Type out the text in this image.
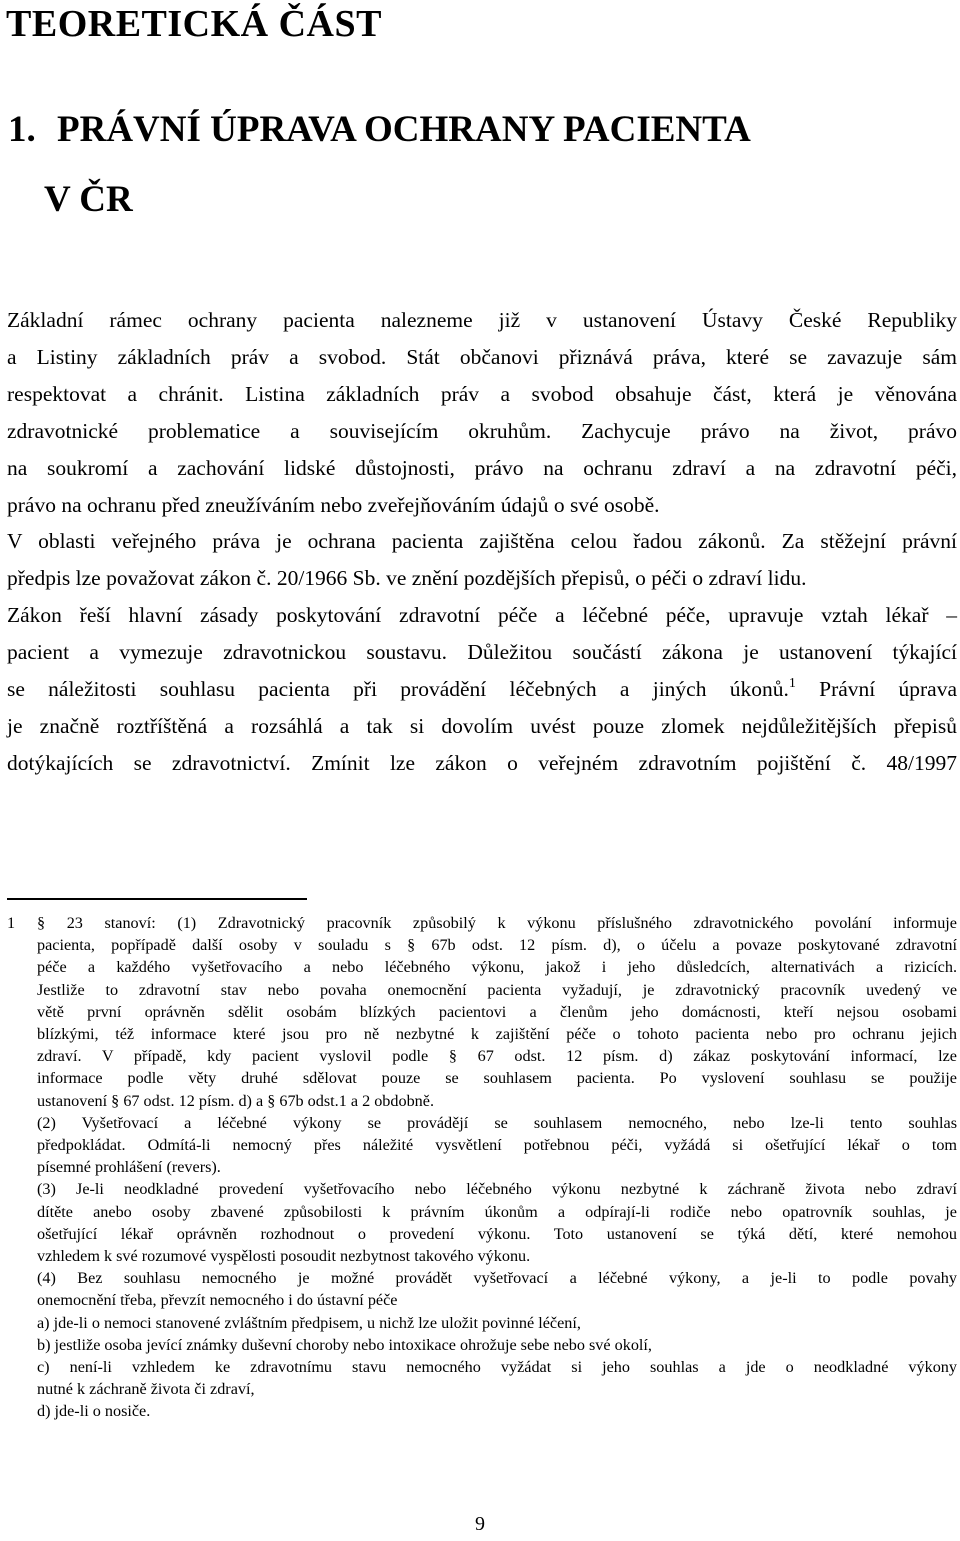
TEORETICKÁ ČÁST
1. PRÁVNÍ ÚPRAVA OCHRANY PACIENTA
V ČR
Základní rámec ochrany pacienta nalezneme již v ustanovení Ústavy České Republiky
a Listiny základních práv a svobod. Stát občanovi přiznává práva, které se zavazuje sám
respektovat a chránit. Listina základních práv a svobod obsahuje část, která je věnována
zdravotnické problematice a souvisejícím okruhům. Zachycuje právo na život, právo
na soukromí a zachování lidské důstojnosti, právo na ochranu zdraví a na zdravotní péči,
právo na ochranu před zneužíváním nebo zveřejňováním údajů o své osobě.
V oblasti veřejného práva je ochrana pacienta zajištěna celou řadou zákonů. Za stěžejní právní
předpis lze považovat zákon č. 20/1966 Sb. ve znění pozdějších přepisů, o péči o zdraví lidu.
Zákon řeší hlavní zásady poskytování zdravotní péče a léčebné péče, upravuje vztah lékař –
pacient a vymezuje zdravotnickou soustavu. Důležitou součástí zákona je ustanovení týkající
se náležitosti souhlasu pacienta při provádění léčebných a jiných úkonů.$^1$ Právní úprava
je značně roztříštěná a rozsáhlá a tak si dovolím uvést pouze zlomek nejdůležitějších přepisů
dotýkajících se zdravotnictví. Zmínit lze zákon o veřejném zdravotním pojištění č. 48/1997
1 § 23 stanoví: (1) Zdravotnický pracovník způsobilý k výkonu příslušného zdravotnického povolání informuje
pacienta, popřípadě další osoby v souladu s § 67b odst. 12 písm. d), o účelu a povaze poskytované zdravotní
péče a každého vyšetřovacího a nebo léčebného výkonu, jakož i jeho důsledcích, alternativách a rizicích.
Jestliže to zdravotní stav nebo povaha onemocnění pacienta vyžadují, je zdravotnický pracovník uvedený ve
větě první oprávněn sdělit osobám blízkých pacientovi a členům jeho domácnosti, kteří nejsou osobami
blízkými, též informace které jsou pro ně nezbytné k zajištění péče o tohoto pacienta nebo pro ochranu jejich
zdraví. V případě, kdy pacient vyslovil podle § 67 odst. 12 písm. d) zákaz poskytování informací, lze
informace podle věty druhé sdělovat pouze se souhlasem pacienta. Po vyslovení souhlasu se použije
ustanovení § 67 odst. 12 písm. d) a § 67b odst.1 a 2 obdobně.
(2) Vyšetřovací a léčebné výkony se provádějí se souhlasem nemocného, nebo lze-li tento souhlas
předpokládat. Odmítá-li nemocný přes náležité vysvětlení potřebnou péči, vyžádá si ošetřující lékař o tom
písemné prohlášení (revers).
(3) Je-li neodkladné provedení vyšetřovacího nebo léčebného výkonu nezbytné k záchraně života nebo zdraví
dítěte anebo osoby zbavené způsobilosti k právním úkonům a odpírají-li rodiče nebo opatrovník souhlas, je
ošetřující lékař oprávněn rozhodnout o provedení výkonu. Toto ustanovení se týká dětí, které nemohou
vzhledem k své rozumové vyspělosti posoudit nezbytnost takového výkonu.
(4) Bez souhlasu nemocného je možné provádět vyšetřovací a léčebné výkony, a je-li to podle povahy
onemocnění třeba, převzít nemocného i do ústavní péče
a) jde-li o nemoci stanovené zvláštním předpisem, u nichž lze uložit povinné léčení,
b) jestliže osoba jevící známky duševní choroby nebo intoxikace ohrožuje sebe nebo své okolí,
c) není-li vzhledem ke zdravotnímu stavu nemocného vyžádat si jeho souhlas a jde o neodkladné výkony
nutné k záchraně života či zdraví,
d) jde-li o nosiče.

9
